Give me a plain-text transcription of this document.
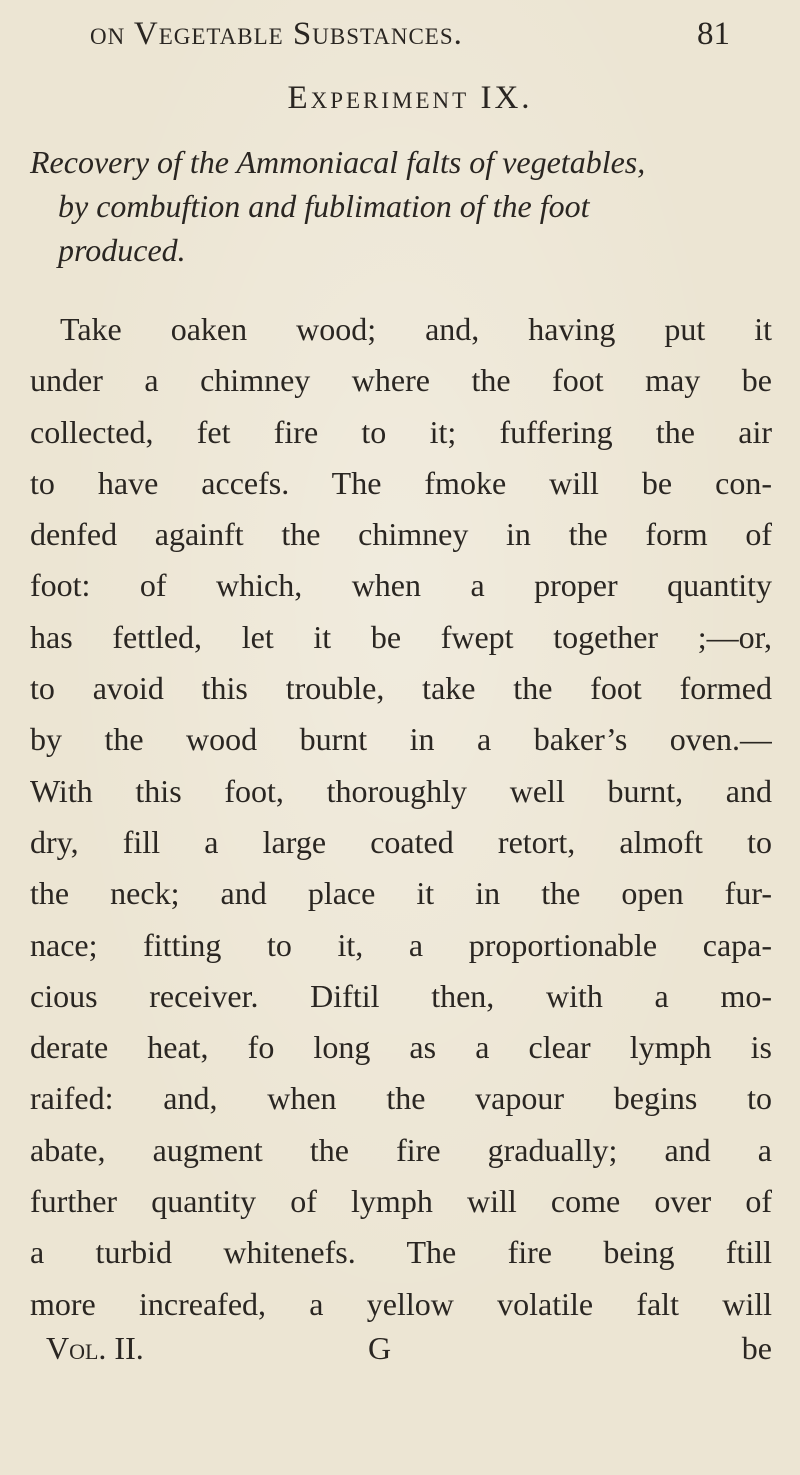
on Vegetable Substances.	81
Experiment IX.
Recovery of the Ammoniacal falts of vegetables,
by combuftion and fublimation of the foot
produced.
Take oaken wood; and, having put it
under a chimney where the foot may be
collected, fet fire to it; fuffering the air
to have accefs. The fmoke will be con-
denfed againft the chimney in the form of
foot: of which, when a proper quantity
has fettled, let it be fwept together ;—or,
to avoid this trouble, take the foot formed
by the wood burnt in a baker’s oven.—
With this foot, thoroughly well burnt, and
dry, fill a large coated retort, almoft to
the neck; and place it in the open fur-
nace; fitting to it, a proportionable capa-
cious receiver. Diftil then, with a mo-
derate heat, fo long as a clear lymph is
raifed: and, when the vapour begins to
abate, augment the fire gradually; and a
further quantity of lymph will come over of
a turbid whitenefs. The fire being ftill
more increafed, a yellow volatile falt will
Vol. II.	G	be
